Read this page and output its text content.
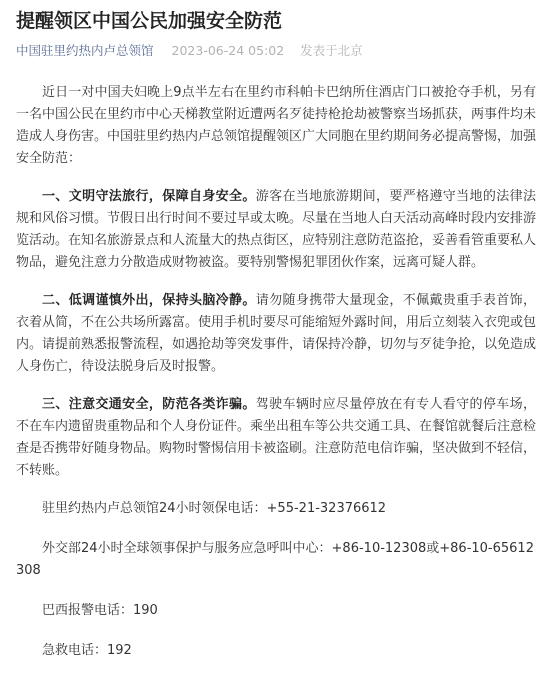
提醒领区中国公民加强安全防范
中国驻里约热内卢总领馆 2023-06-24 05:02 发表于北京

近日一对中国夫妇晚上9点半左右在里约市科帕卡巴纳所住酒店门口被抢夺手机，另有一名中国公民在里约市中心天梯教堂附近遭两名歹徒持枪抢劫被警察当场抓获，两事件均未造成人身伤害。中国驻里约热内卢总领馆提醒领区广大同胞在里约期间务必提高警惕，加强安全防范：

一、文明守法旅行，保障自身安全。游客在当地旅游期间，要严格遵守当地的法律法规和风俗习惯。节假日出行时间不要过早或太晚。尽量在当地人白天活动高峰时段内安排游览活动。在知名旅游景点和人流量大的热点街区，应特别注意防范盗抢，妥善看管重要私人物品，避免注意力分散造成财物被盗。要特别警惕犯罪团伙作案，远离可疑人群。

二、低调谨慎外出，保持头脑冷静。请勿随身携带大量现金，不佩戴贵重手表首饰，衣着从简，不在公共场所露富。使用手机时要尽可能缩短外露时间，用后立刻装入衣兜或包内。请提前熟悉报警流程，如遇抢劫等突发事件，请保持冷静，切勿与歹徒争抢，以免造成人身伤亡，待设法脱身后及时报警。

三、注意交通安全，防范各类诈骗。驾驶车辆时应尽量停放在有专人看守的停车场，不在车内遗留贵重物品和个人身份证件。乘坐出租车等公共交通工具、在餐馆就餐后注意检查是否携带好随身物品。购物时警惕信用卡被盗刷。注意防范电信诈骗，坚决做到不轻信，不转账。

驻里约热内卢总领馆24小时领保电话：+55-21-32376612

外交部24小时全球领事保护与服务应急呼叫中心：+86-10-12308或+86-10-65612308

巴西报警电话：190

急救电话：192
